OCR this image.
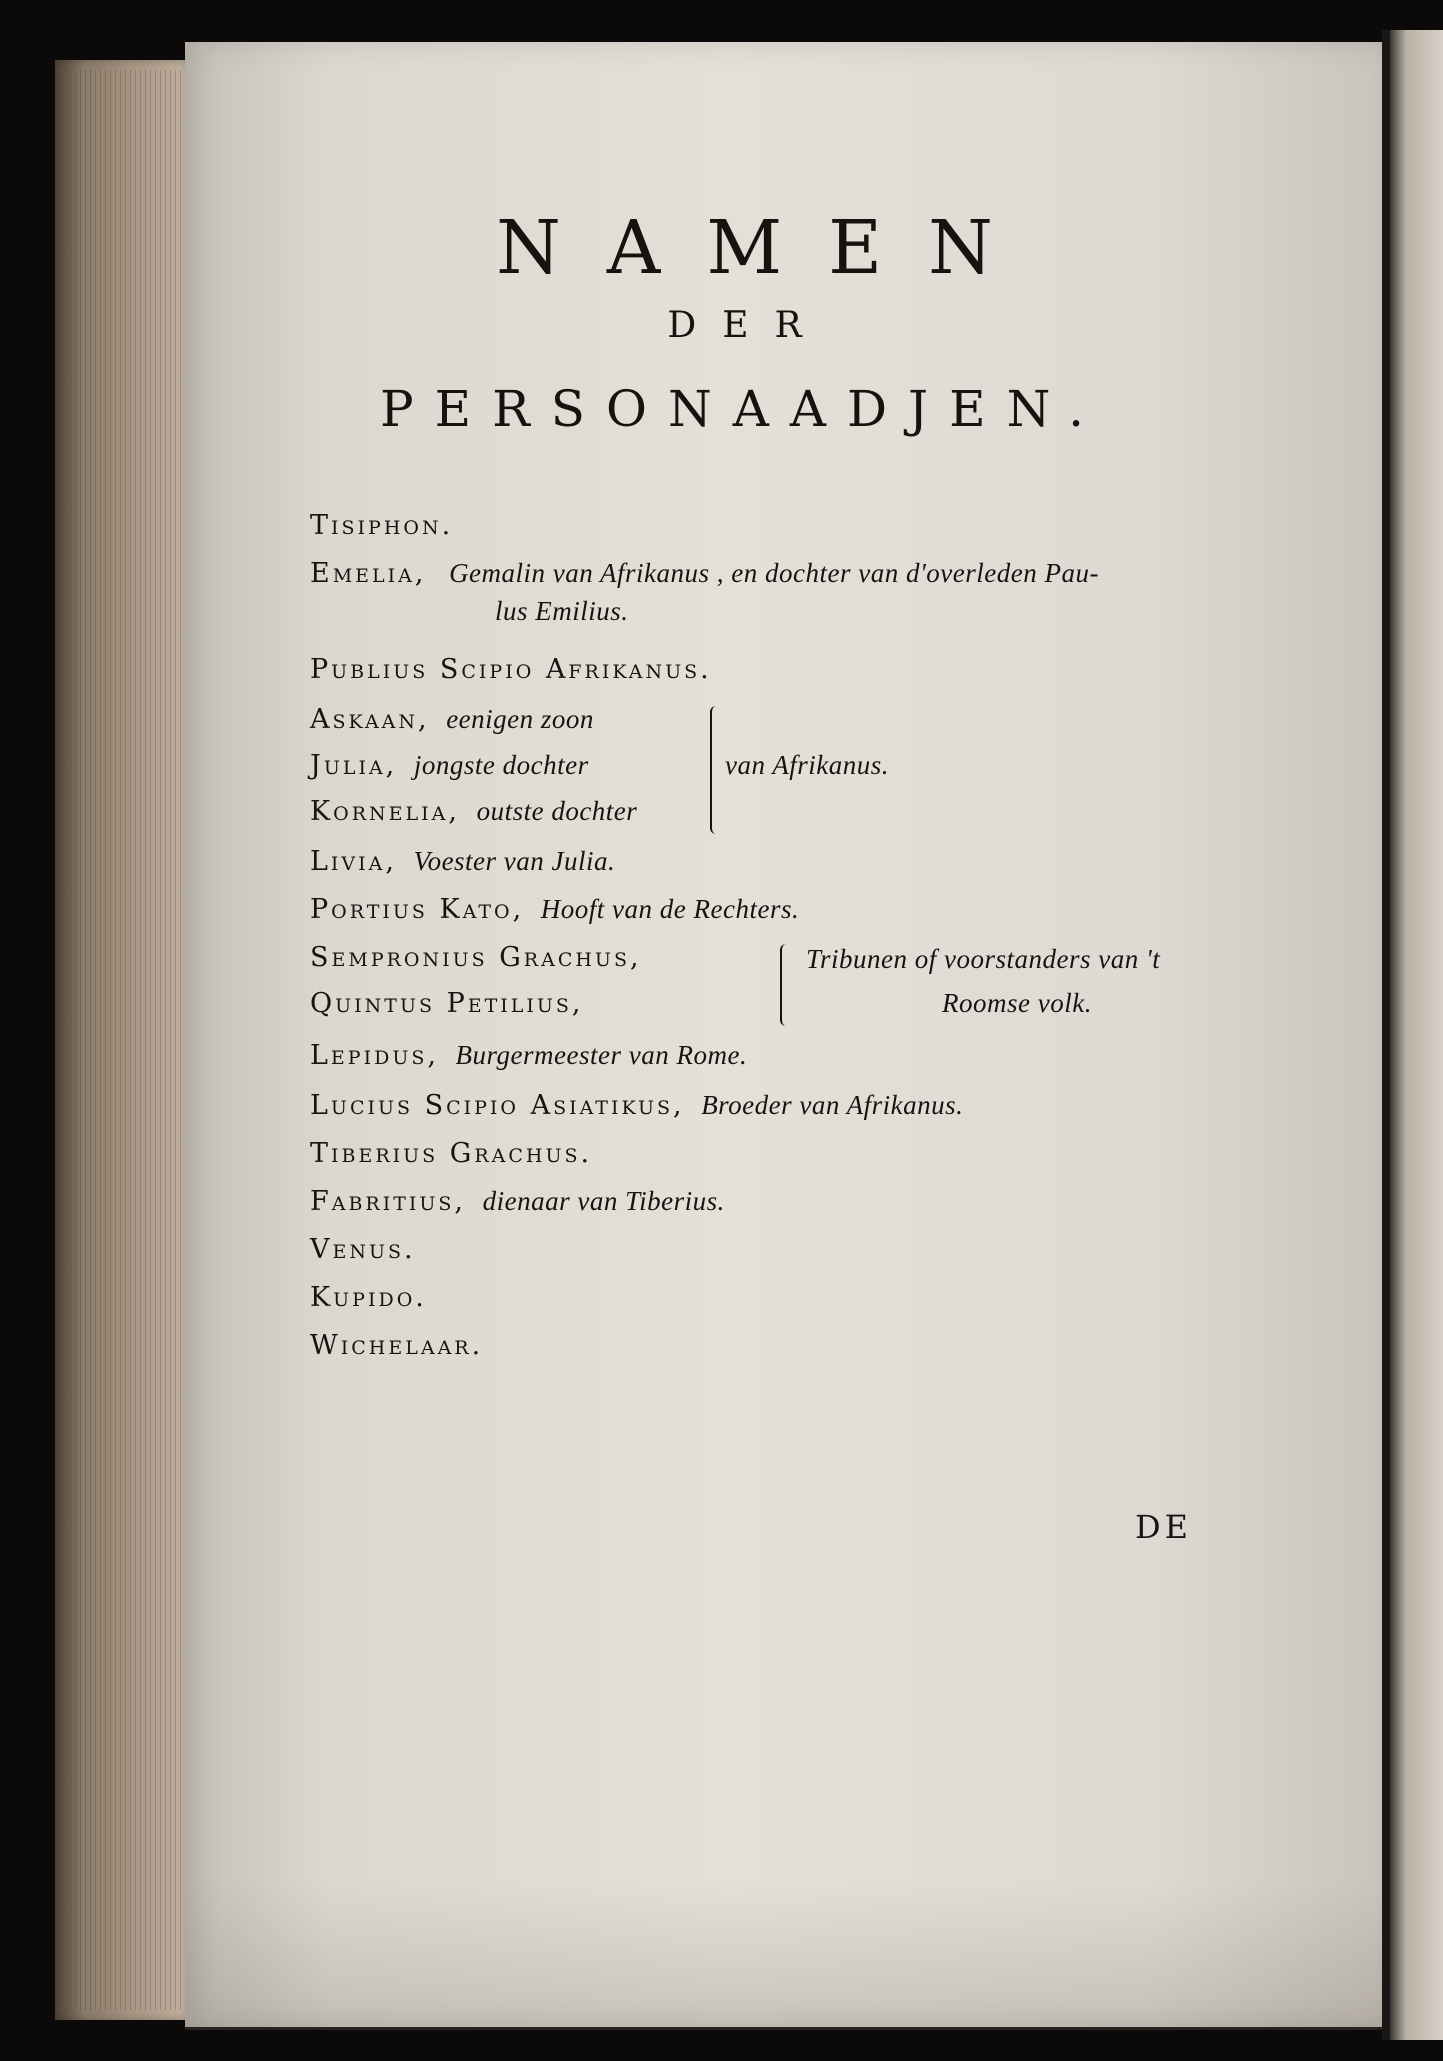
NAMEN
DER
PERSONAADJEN.
Tisiphon.
Emelia, Gemalin van Afrikanus , en dochter van d'overleden Pau-
lus Emilius.
Publius Scipio Afrikanus.
Askaan, eenigen zoon
Julia, jongste dochter
Kornelia, outste dochter
van Afrikanus.
Livia, Voester van Julia.
Portius Kato, Hooft van de Rechters.
Sempronius Grachus,
Quintus Petilius,
Tribunen of voorstanders van 't
Roomse volk.
Lepidus, Burgermeester van Rome.
Lucius Scipio Asiatikus, Broeder van Afrikanus.
Tiberius Grachus.
Fabritius, dienaar van Tiberius.
Venus.
Kupido.
Wichelaar.
DE
